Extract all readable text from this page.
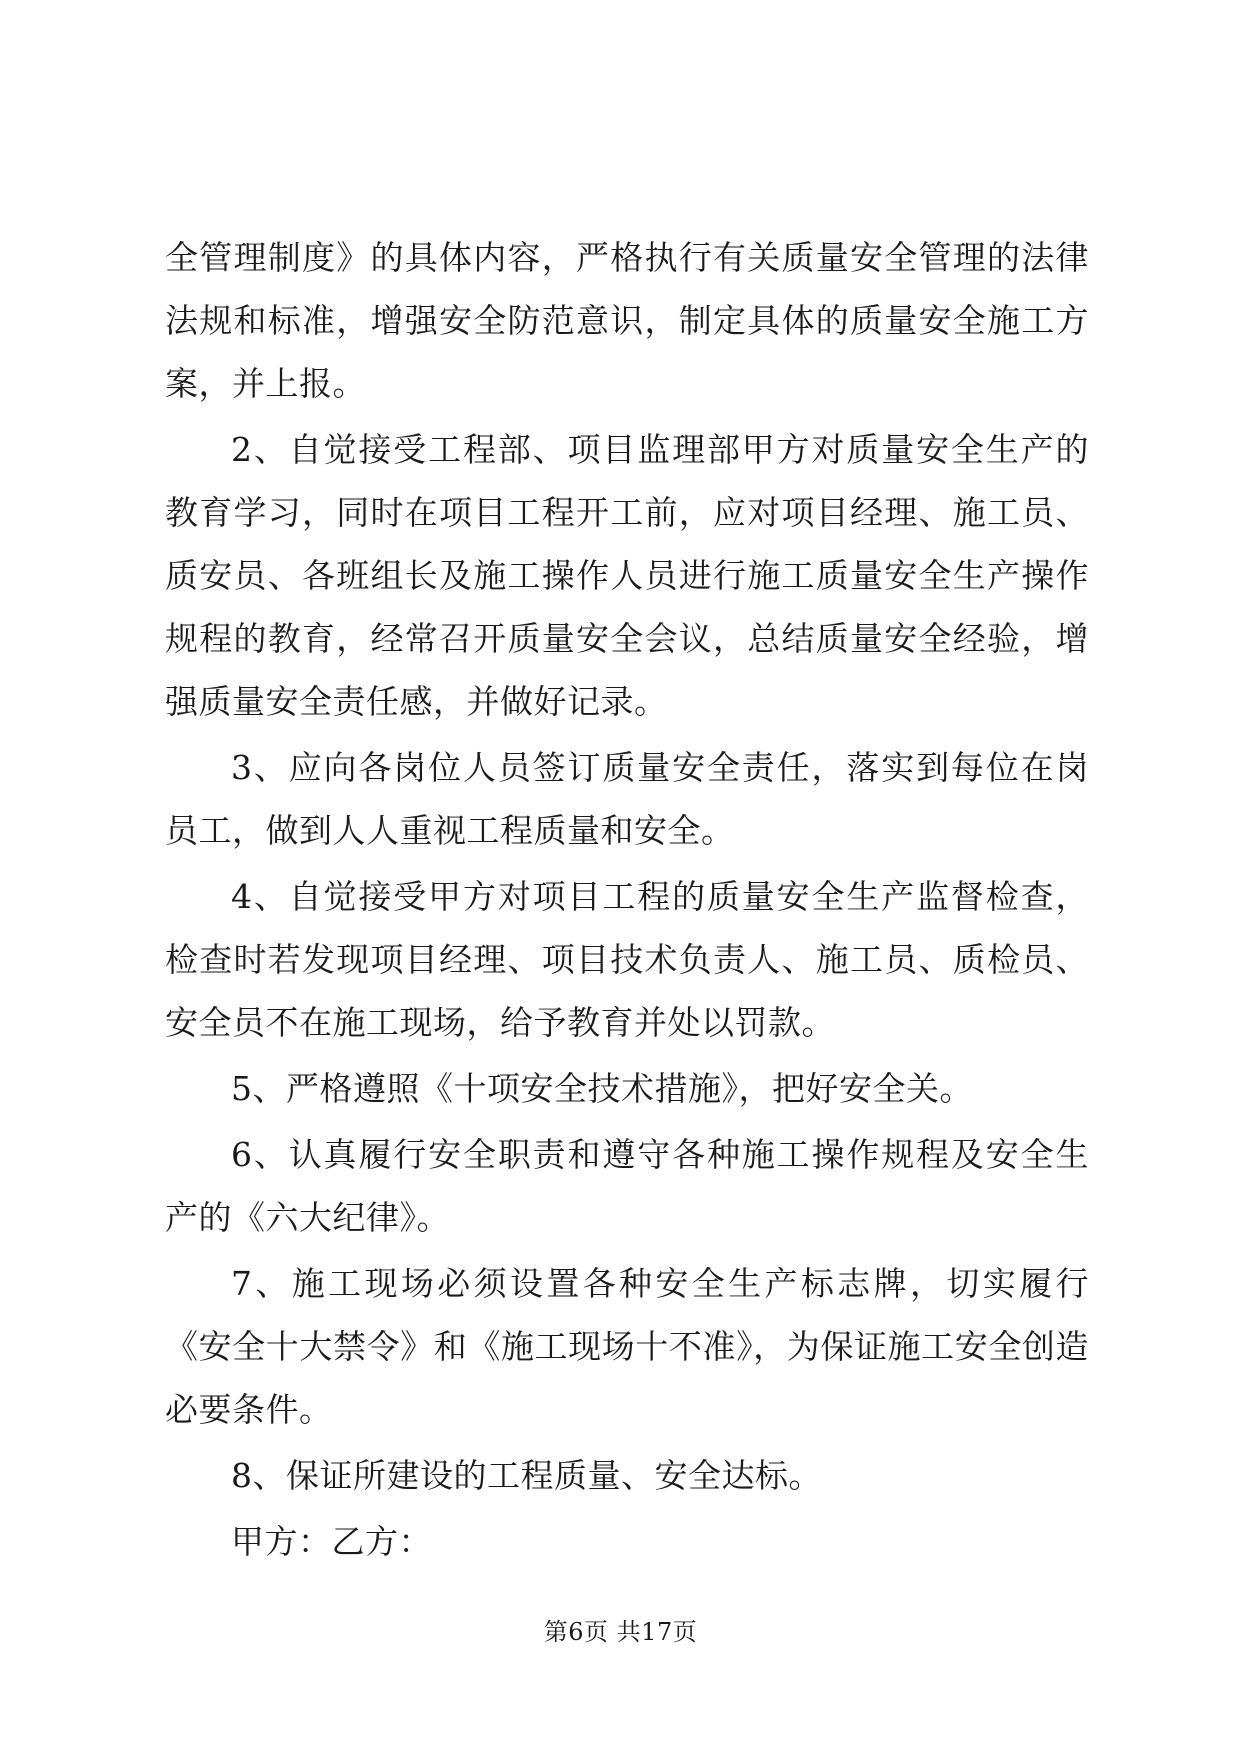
全管理制度》的具体内容，严格执行有关质量安全管理的法律法规和标准，增强安全防范意识，制定具体的质量安全施工方案，并上报。

2、自觉接受工程部、项目监理部甲方对质量安全生产的教育学习，同时在项目工程开工前，应对项目经理、施工员、质安员、各班组长及施工操作人员进行施工质量安全生产操作规程的教育，经常召开质量安全会议，总结质量安全经验，增强质量安全责任感，并做好记录。

3、应向各岗位人员签订质量安全责任，落实到每位在岗员工，做到人人重视工程质量和安全。

4、自觉接受甲方对项目工程的质量安全生产监督检查，检查时若发现项目经理、项目技术负责人、施工员、质检员、安全员不在施工现场，给予教育并处以罚款。

5、严格遵照《十项安全技术措施》，把好安全关。

6、认真履行安全职责和遵守各种施工操作规程及安全生产的《六大纪律》。

7、施工现场必须设置各种安全生产标志牌，切实履行《安全十大禁令》和《施工现场十不准》，为保证施工安全创造必要条件。

8、保证所建设的工程质量、安全达标。

甲方：乙方：

第6页 共17页
